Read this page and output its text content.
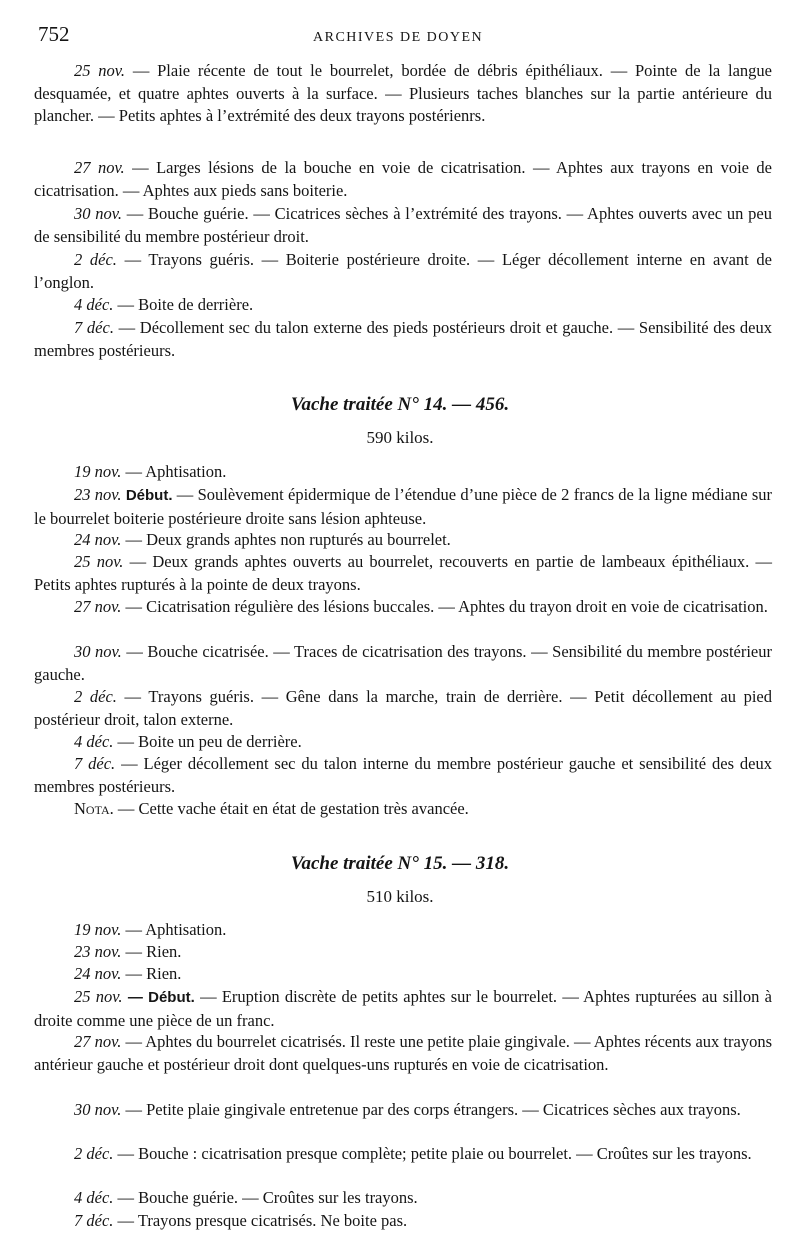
752	ARCHIVES DE DOYEN

25 nov. — Plaie récente de tout le bourrelet, bordée de débris épithéliaux. — Pointe de la langue desquamée, et quatre aphtes ouverts à la surface. — Plusieurs taches blanches sur la partie antérieure du plancher. — Petits aphtes à l’extrémité des deux trayons postérienrs.

27 nov. — Larges lésions de la bouche en voie de cicatrisation. — Aphtes aux trayons en voie de cicatrisation. — Aphtes aux pieds sans boiterie.

30 nov. — Bouche guérie. — Cicatrices sèches à l’extrémité des trayons. — Aphtes ouverts avec un peu de sensibilité du membre postérieur droit.

2 déc. — Trayons guéris. — Boiterie postérieure droite. — Léger décollement interne en avant de l’onglon.

4 déc. — Boite de derrière.

7 déc. — Décollement sec du talon externe des pieds postérieurs droit et gauche. — Sensibilité des deux membres postérieurs.

Vache traitée N° 14. — 456.
590 kilos.

19 nov. — Aphtisation.

23 nov. Début. — Soulèvement épidermique de l’étendue d’une pièce de 2 francs de la ligne médiane sur le bourrelet boiterie postérieure droite sans lésion aphteuse.

24 nov. — Deux grands aphtes non rupturés au bourrelet.

25 nov. — Deux grands aphtes ouverts au bourrelet, recouverts en partie de lambeaux épithéliaux. — Petits aphtes rupturés à la pointe de deux trayons.

27 nov. — Cicatrisation régulière des lésions buccales. — Aphtes du trayon droit en voie de cicatrisation.

30 nov. — Bouche cicatrisée. — Traces de cicatrisation des trayons. — Sensibilité du membre postérieur gauche.

2 déc. — Trayons guéris. — Gêne dans la marche, train de derrière. — Petit décollement au pied postérieur droit, talon externe.

4 déc. — Boite un peu de derrière.

7 déc. — Léger décollement sec du talon interne du membre postérieur gauche et sensibilité des deux membres postérieurs.

Nota. — Cette vache était en état de gestation très avancée.

Vache traitée N° 15. — 318.
510 kilos.

19 nov. — Aphtisation.

23 nov. — Rien.

24 nov. — Rien.

25 nov. — Début. — Eruption discrète de petits aphtes sur le bourrelet. — Aphtes rupturées au sillon à droite comme une pièce de un franc.

27 nov. — Aphtes du bourrelet cicatrisés. Il reste une petite plaie gingivale. — Aphtes récents aux trayons antérieur gauche et postérieur droit dont quelques-uns rupturés en voie de cicatrisation.

30 nov. — Petite plaie gingivale entretenue par des corps étrangers. — Cicatrices sèches aux trayons.

2 déc. — Bouche : cicatrisation presque complète; petite plaie ou bourrelet. — Croûtes sur les trayons.

4 déc. — Bouche guérie. — Croûtes sur les trayons.

7 déc. — Trayons presque cicatrisés. Ne boite pas.
